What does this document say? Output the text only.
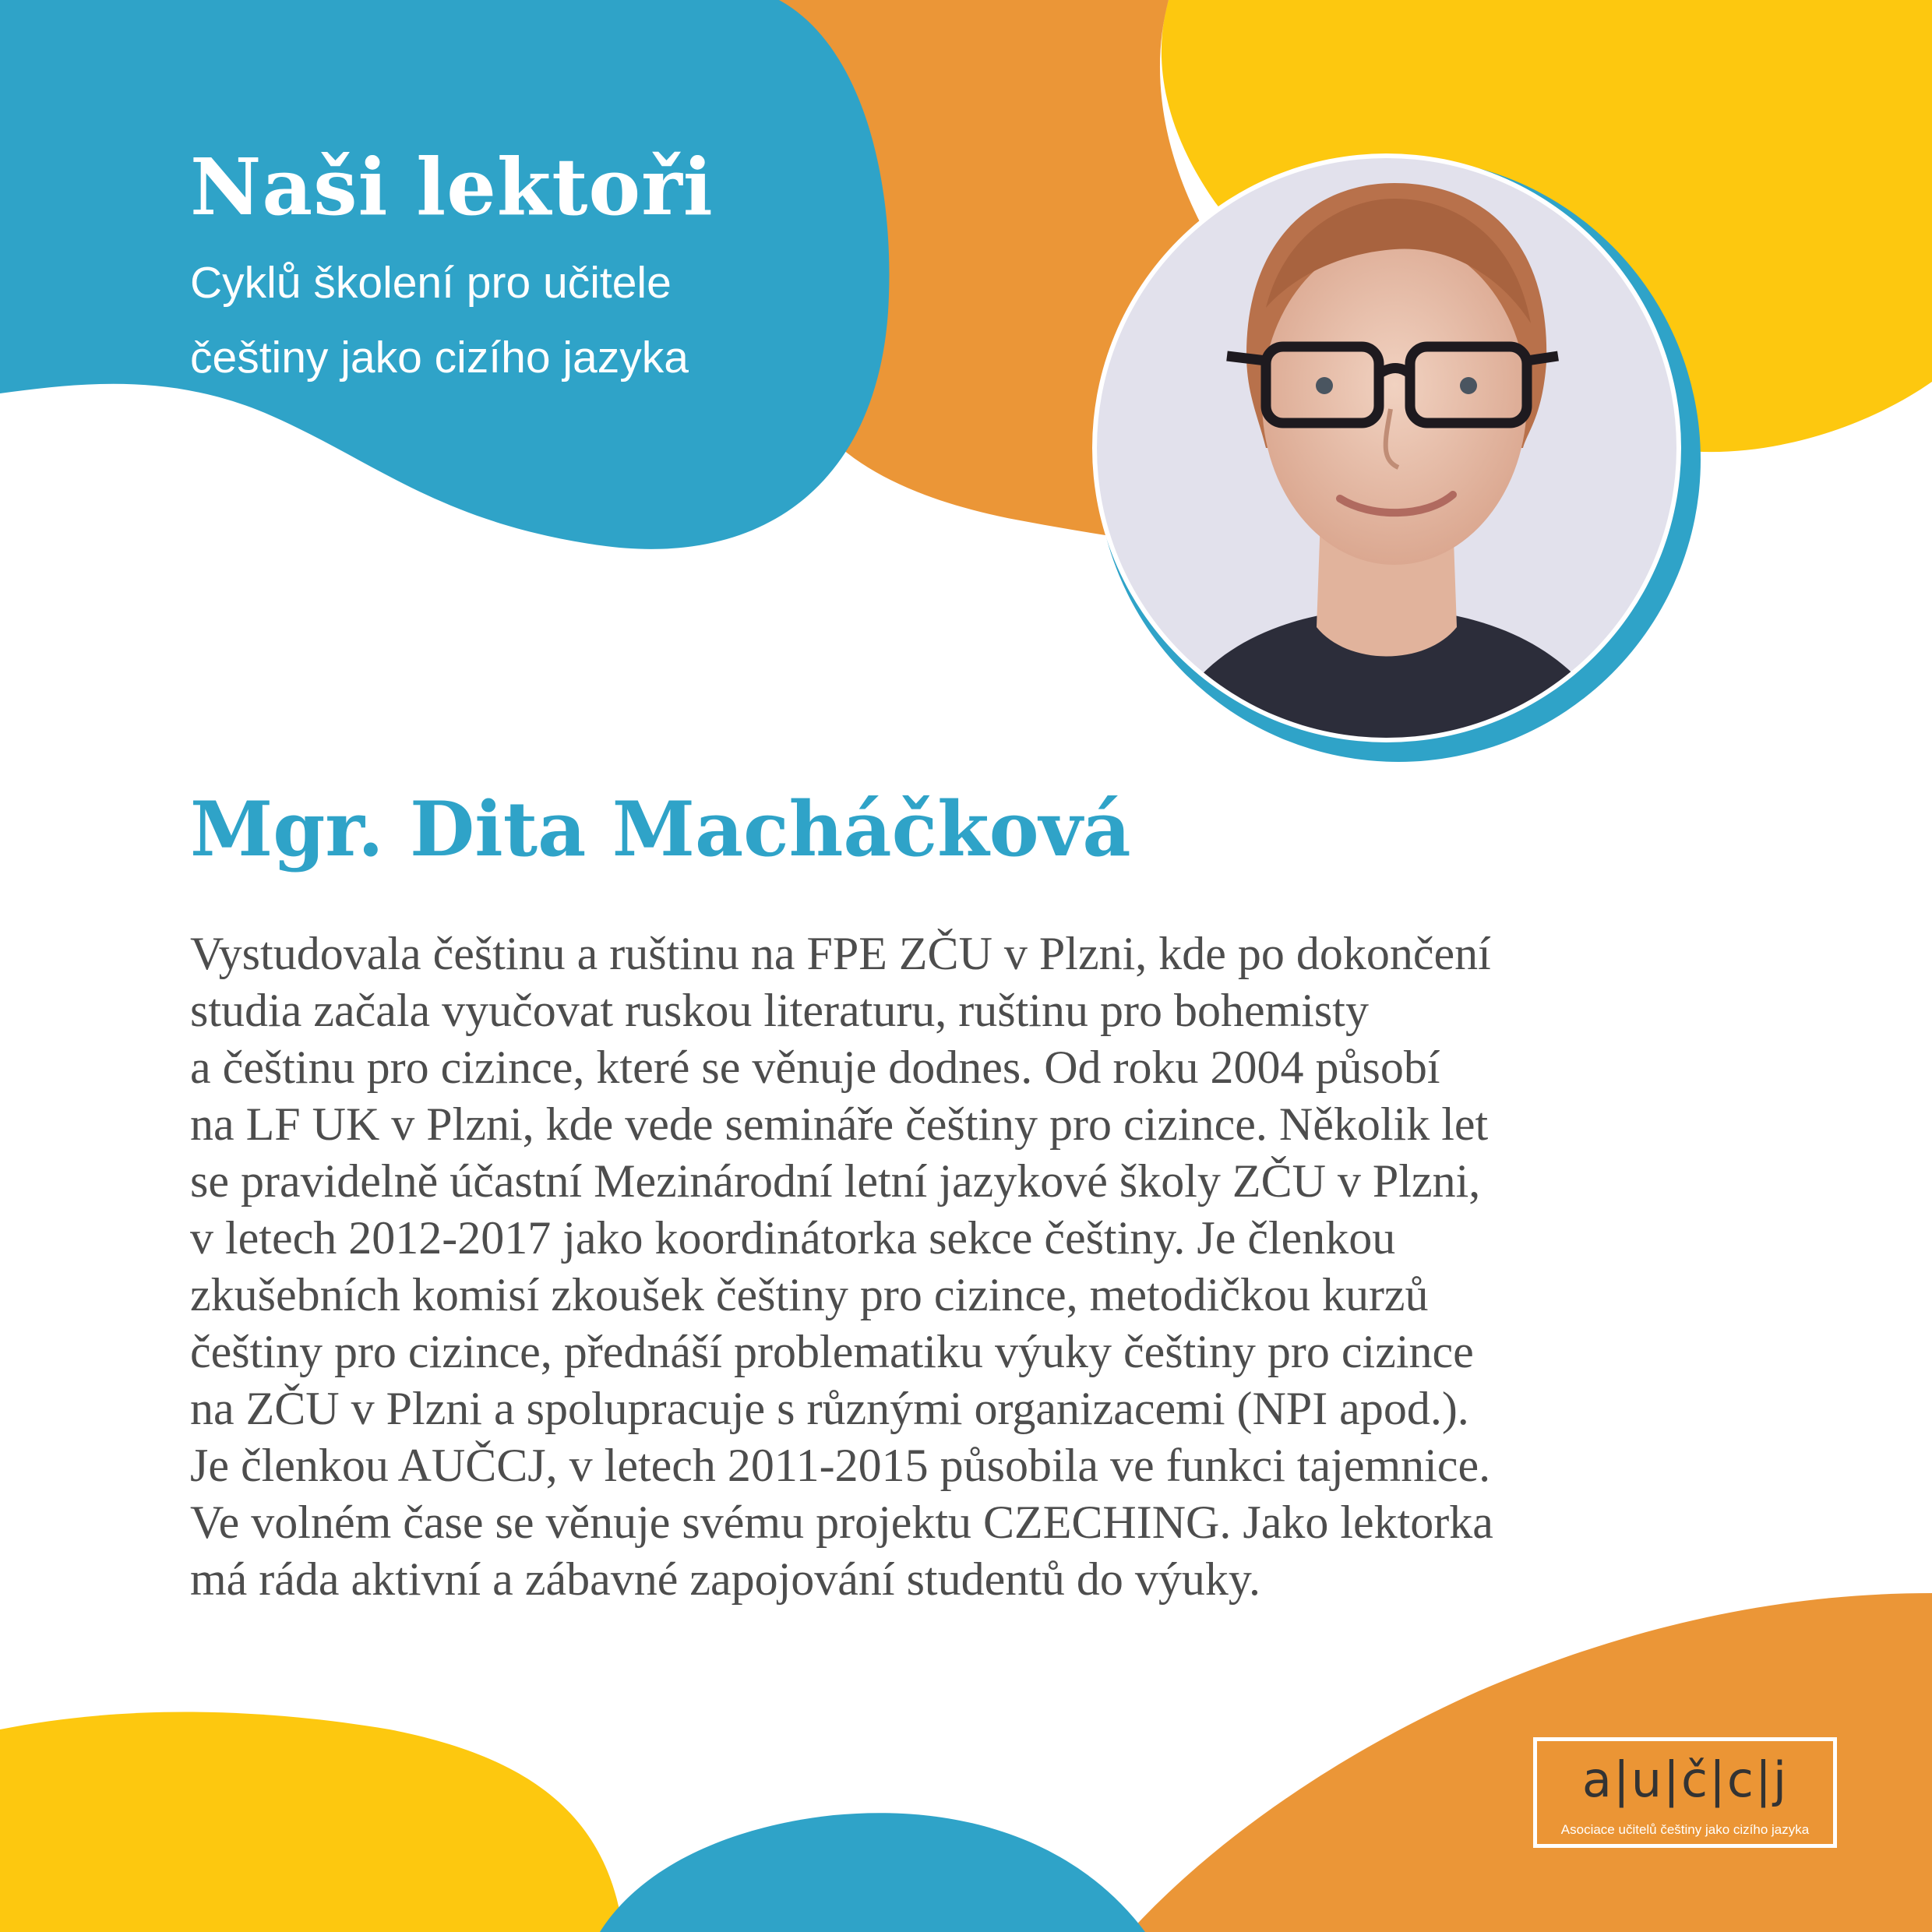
Naši lektoři
Cyklů školení pro učitele
češtiny jako cizího jazyka
Mgr. Dita Macháčková
Vystudovala češtinu a ruštinu na FPE ZČU v Plzni, kde po dokončení
studia začala vyučovat ruskou literaturu, ruštinu pro bohemisty
a češtinu pro cizince, které se věnuje dodnes. Od roku 2004 působí
na LF UK v Plzni, kde vede semináře češtiny pro cizince. Několik let
se pravidelně účastní Mezinárodní letní jazykové školy ZČU v Plzni,
v letech 2012-2017 jako koordinátorka sekce češtiny. Je členkou
zkušebních komisí zkoušek češtiny pro cizince, metodičkou kurzů
češtiny pro cizince, přednáší problematiku výuky češtiny pro cizince
na ZČU v Plzni a spolupracuje s různými organizacemi (NPI apod.).
Je členkou AUČCJ, v letech 2011-2015 působila ve funkci tajemnice.
Ve volném čase se věnuje svému projektu CZECHING. Jako lektorka
má ráda aktivní a zábavné zapojování studentů do výuky.
a|u|č|c|j
Asociace učitelů češtiny jako cizího jazyka
